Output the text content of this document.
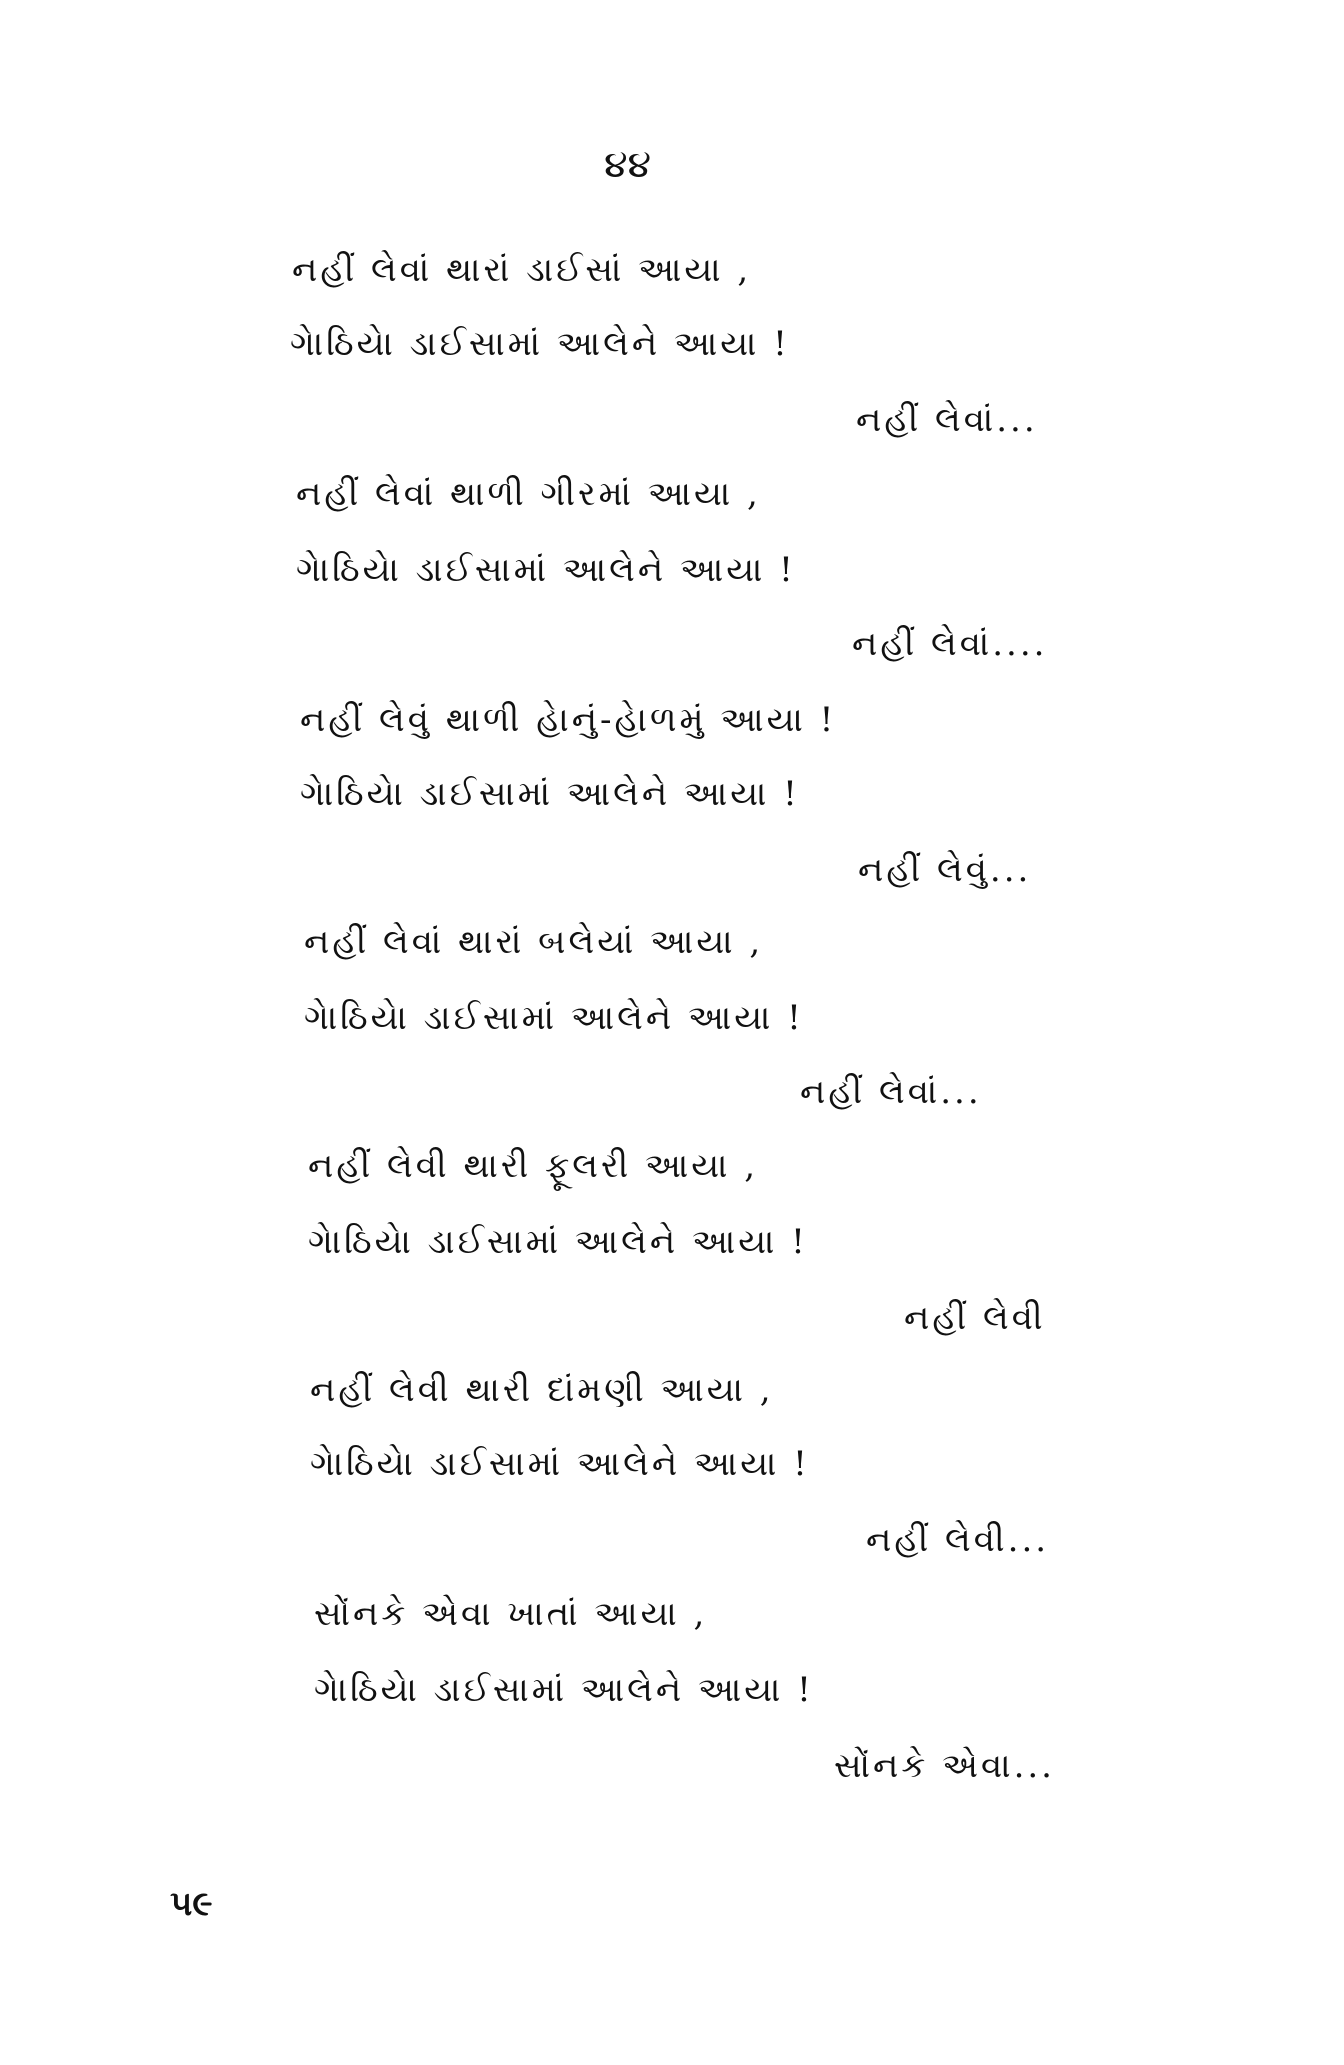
૪૪
નહીં લેવાં થારાં ડાઈસાં આયા ,
ગેાઠિયેા ડાઈસામાં આલેને આયા !
નહીં લેવાં...
નહીં લેવાં થાળી ગીરમાં આયા ,
ગેાઠિયેા ડાઈસામાં આલેને આયા !
નહીં લેવાં....
નહીં લેવું થાળી હેાનું-હેાળમું આયા !
ગેાઠિયેા ડાઈસામાં આલેને આયા !
નહીં લેવું...
નહીં લેવાં થારાં બલેયાં આયા ,
ગેાઠિયેા ડાઈસામાં આલેને આયા !
નહીં લેવાં...
નહીં લેવી થારી ફૂલરી આયા ,
ગેાઠિયેા ડાઈસામાં આલેને આયા !
નહીં લેવી
નહીં લેવી થારી દાંમણી આયા ,
ગેાઠિયેા ડાઈસામાં આલેને આયા !
નહીં લેવી...
સોંનકે એવા ખાતાં આયા ,
ગેાઠિયેા ડાઈસામાં આલેને આયા !
સોંનકે એવા...
૫૯
